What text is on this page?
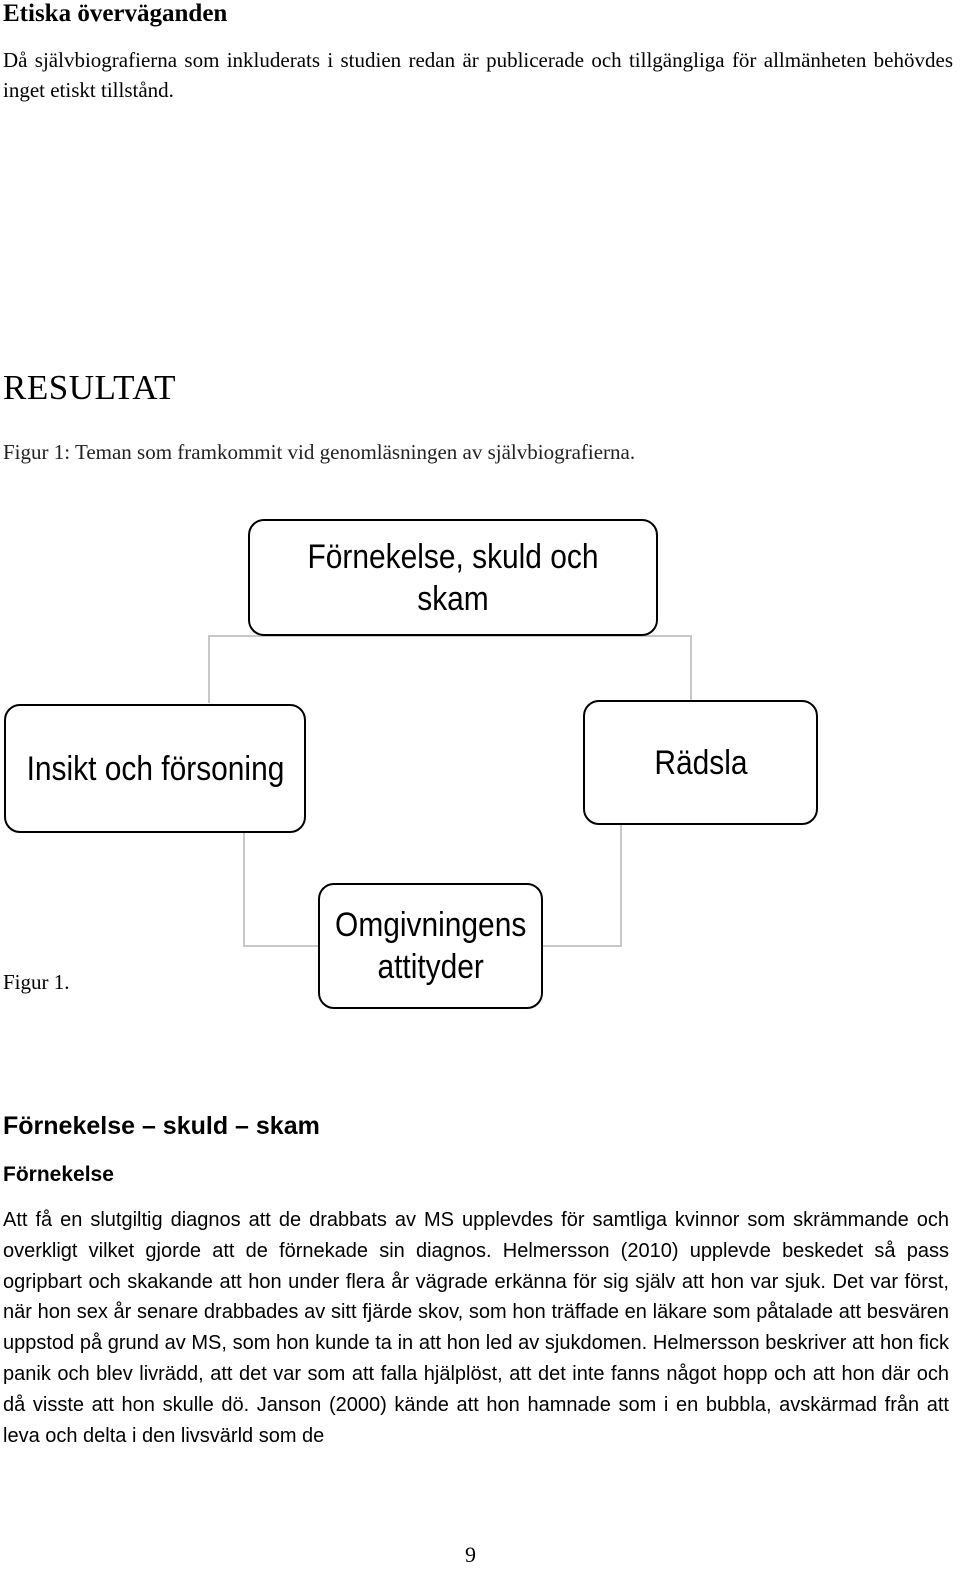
Etiska överväganden

Då självbiografierna som inkluderats i studien redan är publicerade och tillgängliga för allmänheten behövdes inget etiskt tillstånd.

RESULTAT
Figur 1: Teman som framkommit vid genomläsningen av självbiografierna.
Förnekelse, skuld och skam
Insikt och försoning	Rädsla
Omgivningens attityder
Figur 1.
Förnekelse – skuld – skam
Förnekelse

Att få en slutgiltig diagnos att de drabbats av MS upplevdes för samtliga kvinnor som skrämmande och overkligt vilket gjorde att de förnekade sin diagnos. Helmersson (2010) upplevde beskedet så pass ogripbart och skakande att hon under flera år vägrade erkänna för sig själv att hon var sjuk. Det var först, när hon sex år senare drabbades av sitt fjärde skov, som hon träffade en läkare som påtalade att besvären uppstod på grund av MS, som hon kunde ta in att hon led av sjukdomen. Helmersson beskriver att hon fick panik och blev livrädd, att det var som att falla hjälplöst, att det inte fanns något hopp och att hon där och då visste att hon skulle dö. Janson (2000) kände att hon hamnade som i en bubbla, avskärmad från att leva och delta i den livsvärld som de

9
